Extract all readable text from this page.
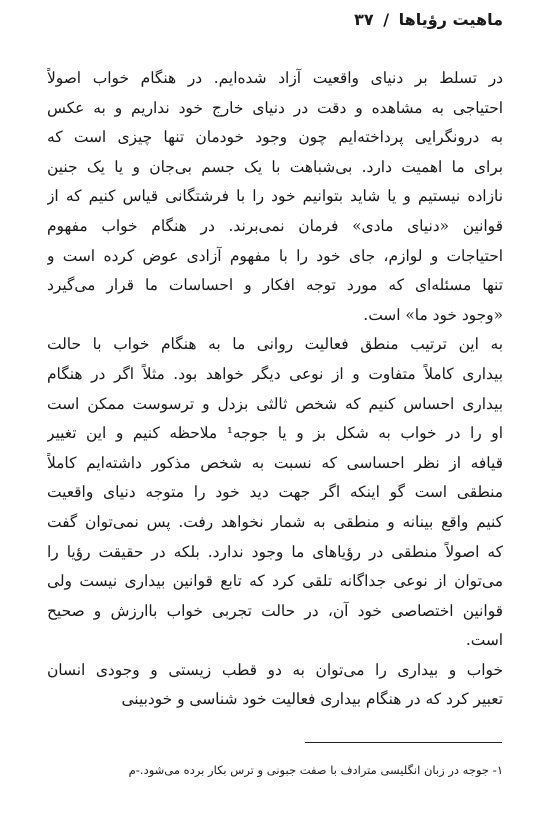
ماهیت رؤیاها / ۳۷

در تسلط بر دنیای واقعیت آزاد شده‌ایم. در هنگام خواب اصولاً
احتیاجی به مشاهده و دقت در دنیای خارج خود نداریم و به عکس
به درونگرایی پرداخته‌ایم چون وجود خودمان تنها چیزی است که
برای ما اهمیت دارد. بی‌شباهت با یک جسم بی‌جان و یا یک جنین
نازاده نیستیم و یا شاید بتوانیم خود را با فرشتگانی قیاس کنیم که از
قوانین «دنیای مادی» فرمان نمی‌برند. در هنگام خواب مفهوم
احتیاجات و لوازم، جای خود را با مفهوم آزادی عوض کرده است و
تنها مسئله‌ای که مورد توجه افکار و احساسات ما قرار می‌گیرد
«وجود خود ما» است.

به این ترتیب منطق فعالیت روانی ما به هنگام خواب با حالت
بیداری کاملاً متفاوت و از نوعی دیگر خواهد بود. مثلاً اگر در هنگام
بیداری احساس کنیم که شخص ثالثی بزدل و ترسوست ممکن است
او را در خواب به شکل بز و یا جوجه¹ ملاحظه کنیم و این تغییر
قیافه از نظر احساسی که نسبت به شخص مذکور داشته‌ایم کاملاً
منطقی است گو اینکه اگر جهت دید خود را متوجه دنیای واقعیت
کنیم واقع بینانه و منطقی به شمار نخواهد رفت. پس نمی‌توان گفت
که اصولاً منطقی در رؤیاهای ما وجود ندارد. بلکه در حقیقت رؤیا را
می‌توان از نوعی جداگانه تلقی کرد که تابع قوانین بیداری نیست ولی
قوانین اختصاصی خود آن، در حالت تجربی خواب باارزش و صحیح
است.

خواب و بیداری را می‌توان به دو قطب زیستی و وجودی انسان
تعبیر کرد که در هنگام بیداری فعالیت خود شناسی و خودبینی

۱- جوجه در زبان انگلیسی مترادف با صفت جبونی و ترس بکار برده می‌شود.-م
